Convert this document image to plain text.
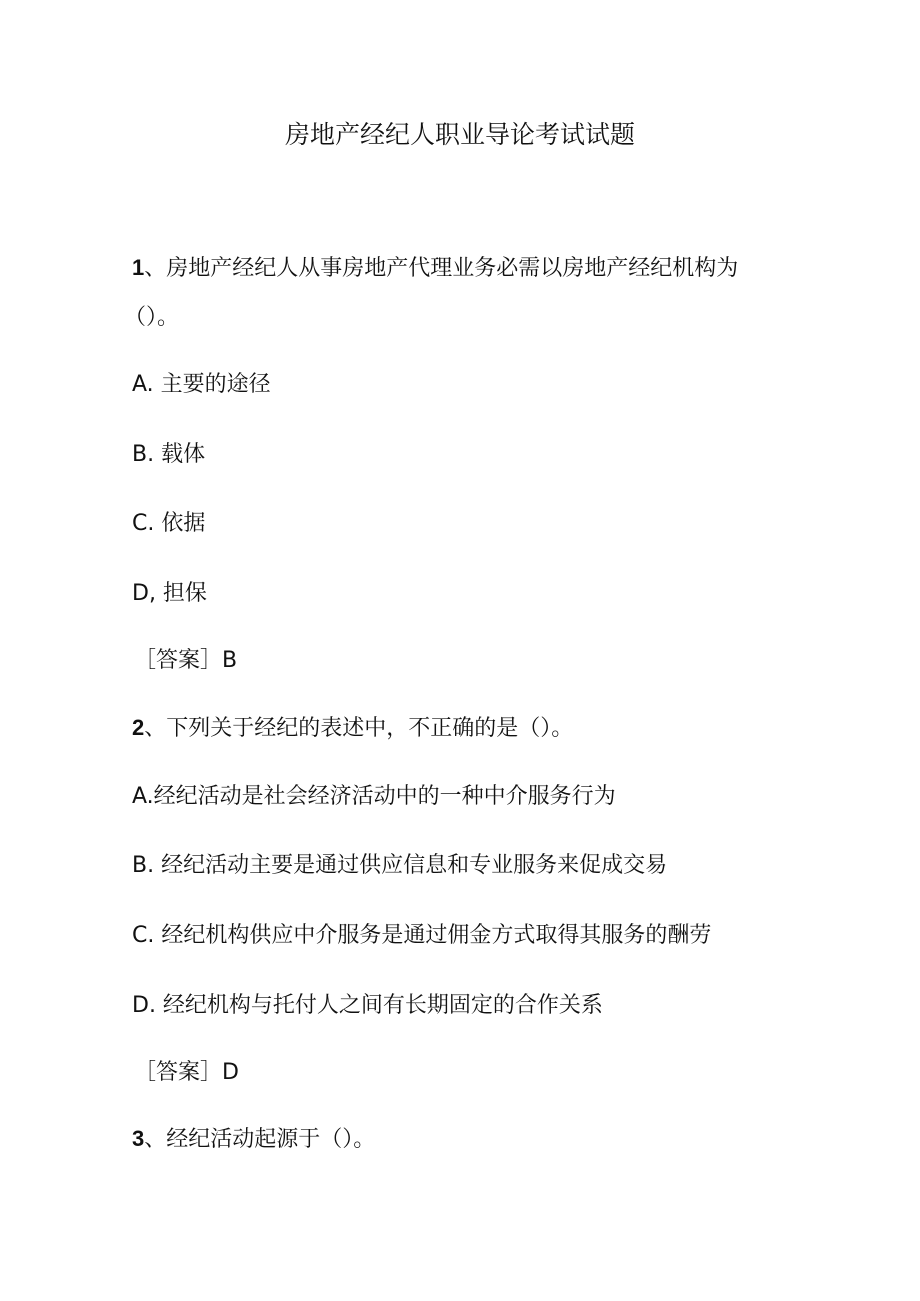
房地产经纪人职业导论考试试题
1、房地产经纪人从事房地产代理业务必需以房地产经纪机构为
（）。
A. 主要的途径
B. 载体
C. 依据
D, 担保
［答案］B
2、下列关于经纪的表述中，不正确的是（）。
A.经纪活动是社会经济活动中的一种中介服务行为
B. 经纪活动主要是通过供应信息和专业服务来促成交易
C. 经纪机构供应中介服务是通过佣金方式取得其服务的酬劳
D. 经纪机构与托付人之间有长期固定的合作关系
［答案］D
3、经纪活动起源于（）。
